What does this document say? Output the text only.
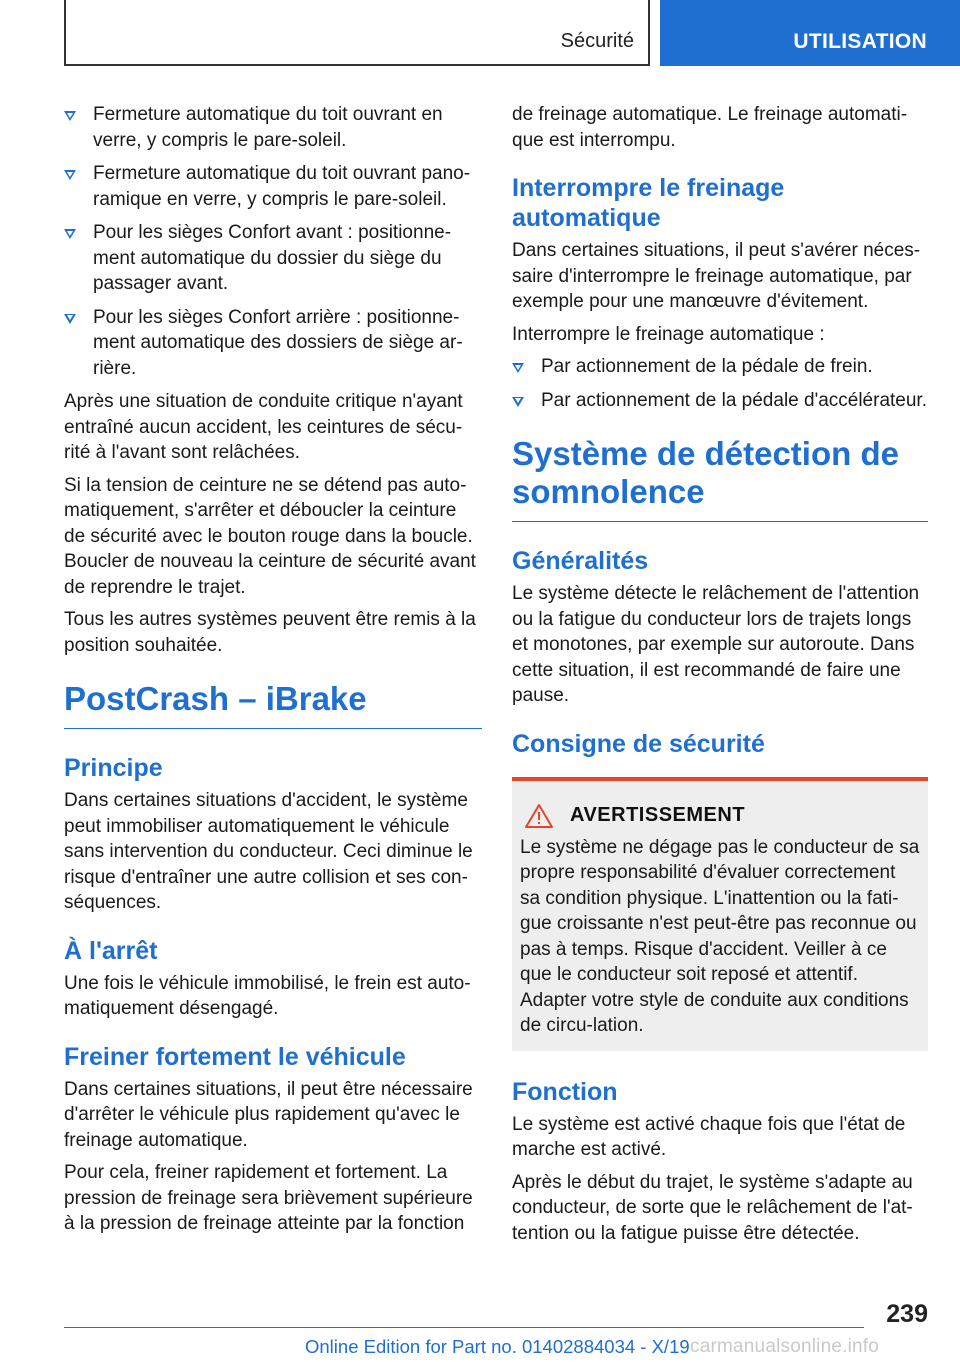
Sécurité	UTILISATION
Fermeture automatique du toit ouvrant en verre, y compris le pare-soleil.
Fermeture automatique du toit ouvrant pano-ramique en verre, y compris le pare-soleil.
Pour les sièges Confort avant : positionne-ment automatique du dossier du siège du passager avant.
Pour les sièges Confort arrière : positionne-ment automatique des dossiers de siège ar-rière.

Après une situation de conduite critique n'ayant entraîné aucun accident, les ceintures de sécu-rité à l'avant sont relâchées.

Si la tension de ceinture ne se détend pas auto-matiquement, s'arrêter et déboucler la ceinture de sécurité avec le bouton rouge dans la boucle. Boucler de nouveau la ceinture de sécurité avant de reprendre le trajet.

Tous les autres systèmes peuvent être remis à la position souhaitée.

PostCrash – iBrake
Principe

Dans certaines situations d'accident, le système peut immobiliser automatiquement le véhicule sans intervention du conducteur. Ceci diminue le risque d'entraîner une autre collision et ses con-séquences.

À l'arrêt

Une fois le véhicule immobilisé, le frein est auto-matiquement désengagé.

Freiner fortement le véhicule

Dans certaines situations, il peut être nécessaire d'arrêter le véhicule plus rapidement qu'avec le freinage automatique.

Pour cela, freiner rapidement et fortement. La pression de freinage sera brièvement supérieure à la pression de freinage atteinte par la fonction

de freinage automatique. Le freinage automati-que est interrompu.

Interrompre le freinage automatique

Dans certaines situations, il peut s'avérer néces-saire d'interrompre le freinage automatique, par exemple pour une manœuvre d'évitement.

Interrompre le freinage automatique :

Par actionnement de la pédale de frein.
Par actionnement de la pédale d'accélérateur.
Système de détection de somnolence
Généralités

Le système détecte le relâchement de l'attention ou la fatigue du conducteur lors de trajets longs et monotones, par exemple sur autoroute. Dans cette situation, il est recommandé de faire une pause.

Consigne de sécurité
AVERTISSEMENT

Le système ne dégage pas le conducteur de sa propre responsabilité d'évaluer correctement sa condition physique. L'inattention ou la fati-gue croissante n'est peut-être pas reconnue ou pas à temps. Risque d'accident. Veiller à ce que le conducteur soit reposé et attentif. Adapter votre style de conduite aux conditions de circu-lation.

Fonction

Le système est activé chaque fois que l'état de marche est activé.

Après le début du trajet, le système s'adapte au conducteur, de sorte que le relâchement de l'at-tention ou la fatigue puisse être détectée.

239
Online Edition for Part no. 01402884034 - X/19 carmanualsonline.info
